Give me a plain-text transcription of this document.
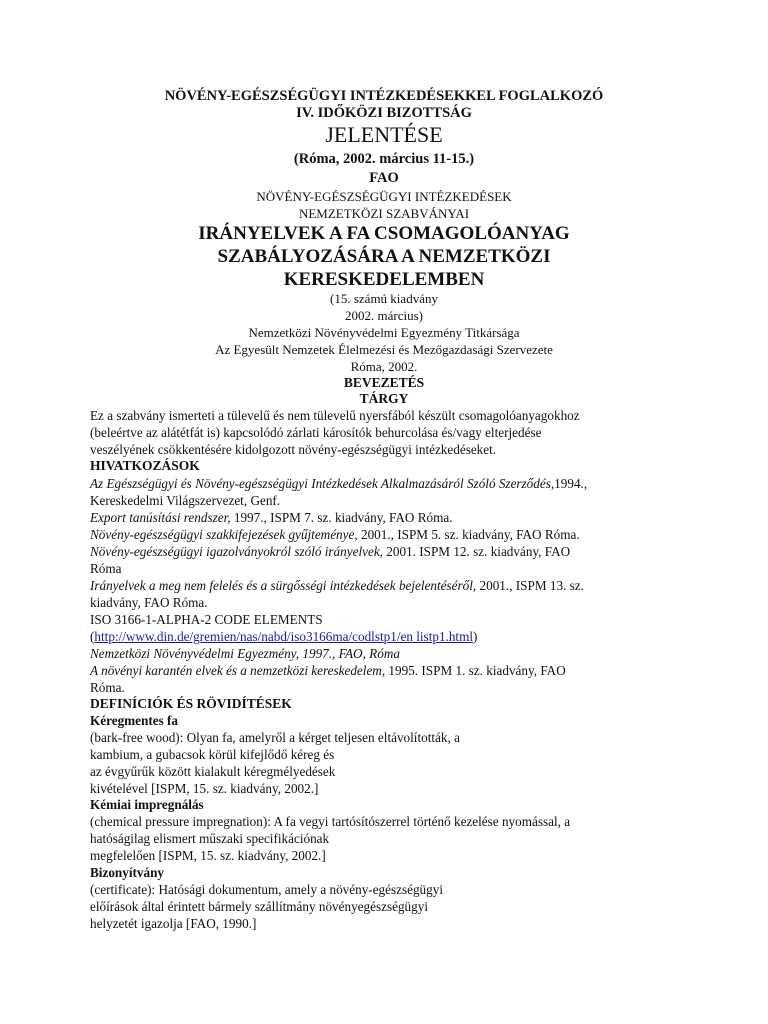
NÖVÉNY-EGÉSZSÉGÜGYI INTÉZKEDÉSEKKEL FOGLALKOZÓ
IV. IDŐKÖZI BIZOTTSÁG
JELENTÉSE
(Róma, 2002. március 11-15.)
FAO
NÖVÉNY-EGÉSZSÉGÜGYI INTÉZKEDÉSEK
NEMZETKÖZI SZABVÁNYAI
IRÁNYELVEK A FA CSOMAGOLÓANYAG
SZABÁLYOZÁSÁRA A NEMZETKÖZI
KERESKEDELEMBEN
(15. számú kiadvány
2002. március)
Nemzetközi Növényvédelmi Egyezmény Titkársága
Az Egyesült Nemzetek Élelmezési és Mezőgazdasági Szervezete
Róma, 2002.
BEVEZETÉS
TÁRGY
Ez a szabvány ismerteti a tülevelű és nem tülevelű nyersfából készült csomagolóanyagokhoz
(beleértve az alátétfát is) kapcsolódó zárlati károsítók behurcolása és/vagy elterjedése
veszélyének csökkentésére kidolgozott növény-egészségügyi intézkedéseket.
HIVATKOZÁSOK
Az Egészségügyi és Növény-egészségügyi Intézkedések Alkalmazásáról Szóló Szerződés,1994.,
Kereskedelmi Világszervezet, Genf.
Export tanúsítási rendszer, 1997., ISPM 7. sz. kiadvány, FAO Róma.
Növény-egészségügyi szakkifejezések gyűjteménye, 2001., ISPM 5. sz. kiadvány, FAO Róma.
Növény-egészségügyi igazolványokról szóló irányelvek, 2001. ISPM 12. sz. kiadvány, FAO
Róma
Irányelvek a meg nem felelés és a sürgősségi intézkedések bejelentéséről, 2001., ISPM 13. sz.
kiadvány, FAO Róma.
ISO 3166-1-ALPHA-2 CODE ELEMENTS
(http://www.din.de/gremien/nas/nabd/iso3166ma/codlstp1/en listp1.html)
Nemzetközi Növényvédelmi Egyezmény, 1997., FAO, Róma
A növényi karantén elvek és a nemzetközi kereskedelem, 1995. ISPM 1. sz. kiadvány, FAO
Róma.
DEFINÍCIÓK ÉS RÖVIDÍTÉSEK
Kéregmentes fa
(bark-free wood): Olyan fa, amelyről a kérget teljesen eltávolították, a
kambium, a gubacsok körül kifejlődő kéreg és
az évgyűrűk között kialakult kéregmélyedések
kivételével [ISPM, 15. sz. kiadvány, 2002.]
Kémiai impregnálás
(chemical pressure impregnation): A fa vegyi tartósítószerrel történő kezelése nyomással, a
hatóságilag elismert műszaki specifikációnak
megfelelően [ISPM, 15. sz. kiadvány, 2002.]
Bizonyítvány
(certificate): Hatósági dokumentum, amely a növény-egészségügyi
előírások által érintett bármely szállítmány növényegészségügyi
helyzetét igazolja [FAO, 1990.]
